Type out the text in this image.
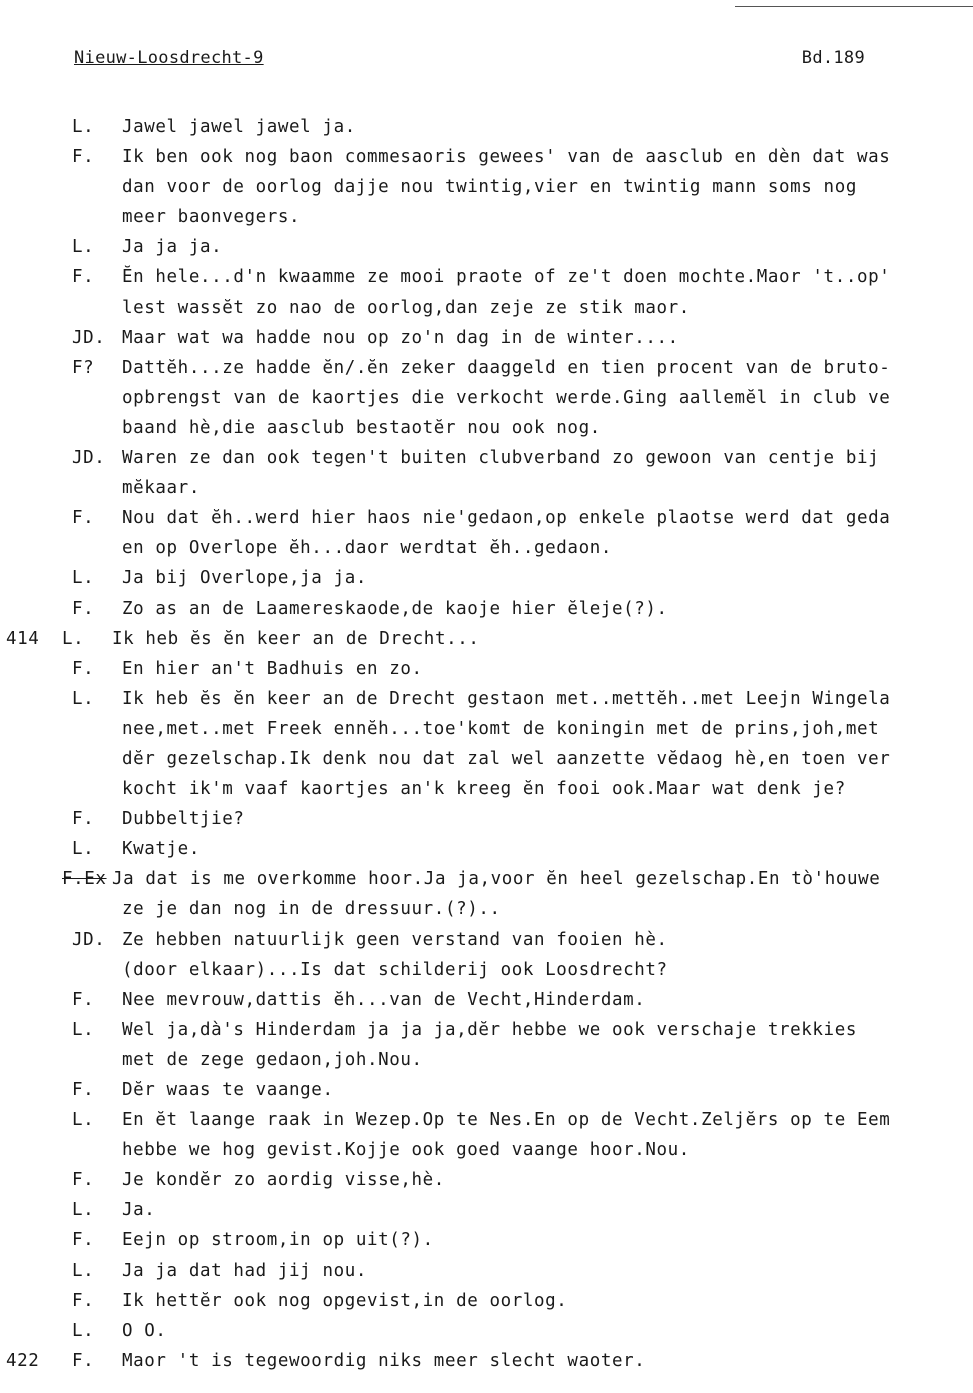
Nieuw-Loosdrecht-9	Bd.189
L. Jawel jawel jawel ja.
F. Ik ben ook nog baon commesaoris gewees' van de aasclub en dèn dat was
dan voor de oorlog dajje nou twintig,vier en twintig mann soms nog
meer baonvegers.
L. Ja ja ja.
F. Ĕn hele...d'n kwaamme ze mooi praote of ze't doen mochte.Maor 't..op'
lest wassĕt zo nao de oorlog,dan zeje ze stik maor.
JD. Maar wat wa hadde nou op zo'n dag in de winter....
F? Dattĕh...ze hadde ĕn/.ĕn zeker daaggeld en tien procent van de bruto-
opbrengst van de kaortjes die verkocht werde.Ging aallemĕl in club ve
baand hè,die aasclub bestaotĕr nou ook nog.
JD. Waren ze dan ook tegen't buiten clubverband zo gewoon van centje bij
mĕkaar.
F. Nou dat ĕh..werd hier haos nie'gedaon,op enkele plaotse werd dat geda
en op Overlope ĕh...daor werdtat ĕh..gedaon.
L. Ja bij Overlope,ja ja.
F. Zo as an de Laamereskaode,de kaoje hier ĕleje(?).
414 L. Ik heb ĕs ĕn keer an de Drecht...
F. En hier an't Badhuis en zo.
L. Ik heb ĕs ĕn keer an de Drecht gestaon met..mettĕh..met Leejn Wingela
nee,met..met Freek ennĕh...toe'komt de koningin met de prins,joh,met
dĕr gezelschap.Ik denk nou dat zal wel aanzette vĕdaog hè,en toen ver
kocht ik'm vaaf kaortjes an'k kreeg ĕn fooi ook.Maar wat denk je?
F. Dubbeltjie?
L. Kwatje.
F.Ex Ja dat is me overkomme hoor.Ja ja,voor ĕn heel gezelschap.En tò'houwe
ze je dan nog in de dressuur.(?)..
JD. Ze hebben natuurlijk geen verstand van fooien hè.
(door elkaar)...Is dat schilderij ook Loosdrecht?
F. Nee mevrouw,dattis ĕh...van de Vecht,Hinderdam.
L. Wel ja,dà's Hinderdam ja ja ja,dĕr hebbe we ook verschaje trekkies
met de zege gedaon,joh.Nou.
F. Dĕr waas te vaange.
L. En ĕt laange raak in Wezep.Op te Nes.En op de Vecht.Zeljĕrs op te Eem
hebbe we hog gevist.Kojje ook goed vaange hoor.Nou.
F. Je kondĕr zo aordig visse,hè.
L. Ja.
F. Eejn op stroom,in op uit(?).
L. Ja ja dat had jij nou.
F. Ik hettĕr ook nog opgevist,in de oorlog.
L. O O.
422 F. Maor 't is tegewoordig niks meer slecht waoter.
